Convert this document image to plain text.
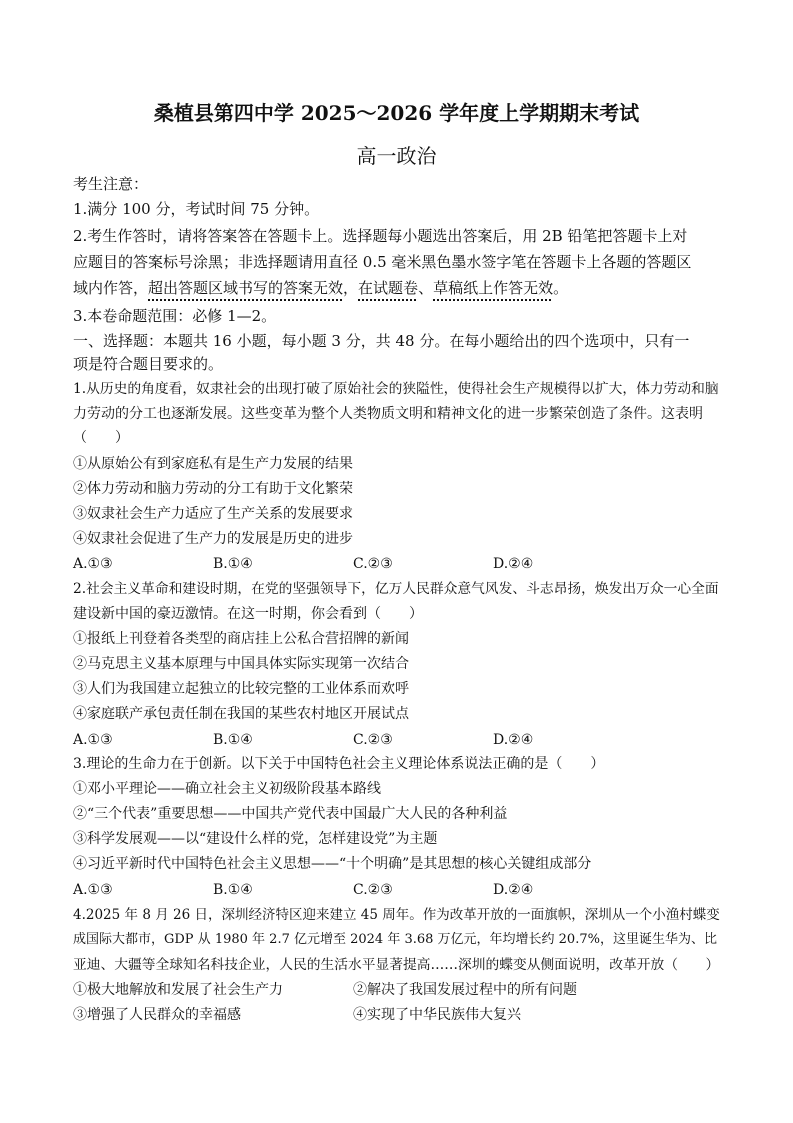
桑植县第四中学 2025～2026 学年度上学期期末考试
高一政治
考生注意：
1.满分 100 分，考试时间 75 分钟。
2.考生作答时，请将答案答在答题卡上。选择题每小题选出答案后，用 2B 铅笔把答题卡上对
应题目的答案标号涂黑；非选择题请用直径 0.5 毫米黑色墨水签字笔在答题卡上各题的答题区
域内作答，超出答题区域书写的答案无效，在试题卷、草稿纸上作答无效。
3.本卷命题范围：必修 1—2。
一、选择题：本题共 16 小题，每小题 3 分，共 48 分。在每小题给出的四个选项中，只有一
项是符合题目要求的。
1.从历史的角度看，奴隶社会的出现打破了原始社会的狭隘性，使得社会生产规模得以扩大，体力劳动和脑
力劳动的分工也逐渐发展。这些变革为整个人类物质文明和精神文化的进一步繁荣创造了条件。这表明
（　　）
①从原始公有到家庭私有是生产力发展的结果
②体力劳动和脑力劳动的分工有助于文化繁荣
③奴隶社会生产力适应了生产关系的发展要求
④奴隶社会促进了生产力的发展是历史的进步
A.①③	B.①④	C.②③	D.②④
2.社会主义革命和建设时期，在党的坚强领导下，亿万人民群众意气风发、斗志昂扬，焕发出万众一心全面
建设新中国的豪迈激情。在这一时期，你会看到（　　）
①报纸上刊登着各类型的商店挂上公私合营招牌的新闻
②马克思主义基本原理与中国具体实际实现第一次结合
③人们为我国建立起独立的比较完整的工业体系而欢呼
④家庭联产承包责任制在我国的某些农村地区开展试点
A.①③	B.①④	C.②③	D.②④
3.理论的生命力在于创新。以下关于中国特色社会主义理论体系说法正确的是（　　）
①邓小平理论——确立社会主义初级阶段基本路线
②“三个代表”重要思想——中国共产党代表中国最广大人民的各种利益
③科学发展观——以“建设什么样的党，怎样建设党”为主题
④习近平新时代中国特色社会主义思想——“十个明确”是其思想的核心关键组成部分
A.①③	B.①④	C.②③	D.②④
4.2025 年 8 月 26 日，深圳经济特区迎来建立 45 周年。作为改革开放的一面旗帜，深圳从一个小渔村蝶变
成国际大都市，GDP 从 1980 年 2.7 亿元增至 2024 年 3.68 万亿元，年均增长约 20.7%，这里诞生华为、比
亚迪、大疆等全球知名科技企业，人民的生活水平显著提高……深圳的蝶变从侧面说明，改革开放（　　）
①极大地解放和发展了社会生产力	②解决了我国发展过程中的所有问题
③增强了人民群众的幸福感	④实现了中华民族伟大复兴
